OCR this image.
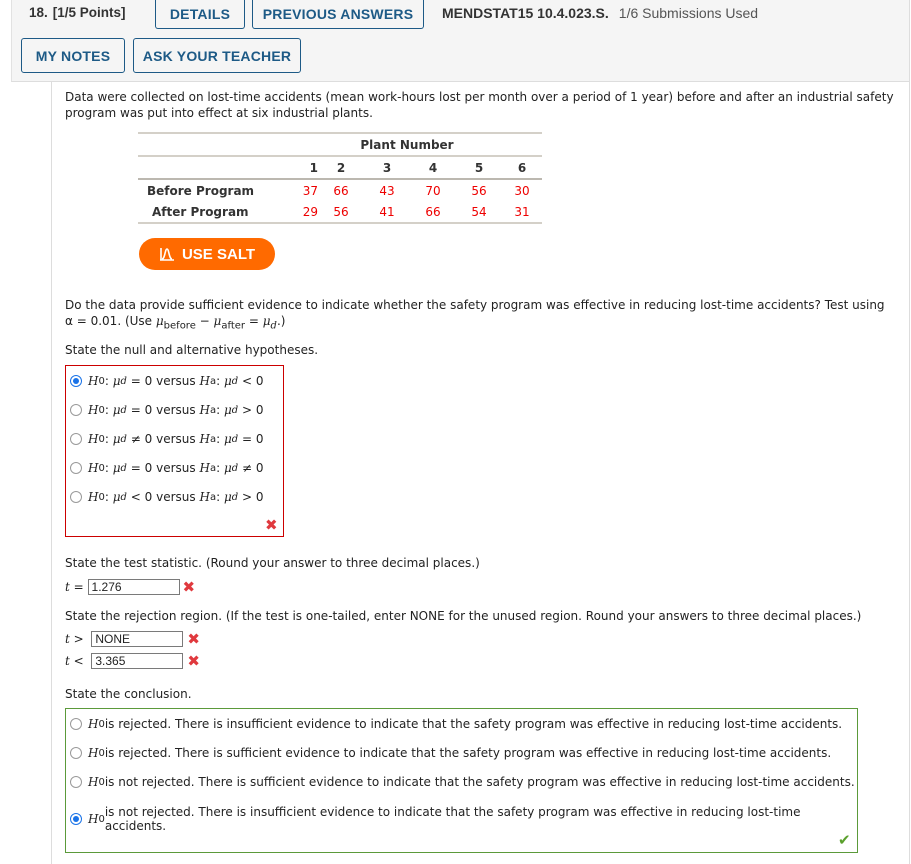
18. [1/5 Points]	DETAILS	PREVIOUS ANSWERS	MENDSTAT15 10.4.023.S. 1/6 Submissions Used
MY NOTES	ASK YOUR TEACHER
Data were collected on lost-time accidents (mean work-hours lost per month over a period of 1 year) before and after an industrial safety program was put into effect at six industrial plants.
	Plant Number					
	1	2	3	4	5	6
Before Program	37	66	43	70	56	30
After Program	29	56	41	66	54	31
USE SALT
Do the data provide sufficient evidence to indicate whether the safety program was effective in reducing lost-time accidents? Test using
α = 0.01. (Use $\mu_{before} - \mu_{after} = \mu_d$.)
State the null and alternative hypotheses.
H 0 :
μ d
= 0
versus
H a :
μ d
< 0
H 0 :
μ d
= 0
versus
H a :
μ d
> 0
H 0 :
μ d
≠ 0
versus
H a :
μ d
= 0
H 0 :
μ d
= 0
versus
H a :
μ d
≠ 0
H 0 :
μ d
< 0
versus
H a :
μ d
> 0
✖
State the test statistic. (Round your answer to three decimal places.)
t
=
1.276	✖
State the rejection region. (If the test is one-tailed, enter NONE for the unused region. Round your answers to three decimal places.)
t
>
NONE	✖
t
<
3.365	✖
State the conclusion.
H 0 is rejected. There is insufficient evidence to indicate that the safety program was effective in reducing lost-time accidents.
H 0 is rejected. There is sufficient evidence to indicate that the safety program was effective in reducing lost-time accidents.
H 0 is not rejected. There is sufficient evidence to indicate that the safety program was effective in reducing lost-time accidents.
H 0 is not rejected. There is insufficient evidence to indicate that the safety program was effective in reducing lost-time accidents.
✔
